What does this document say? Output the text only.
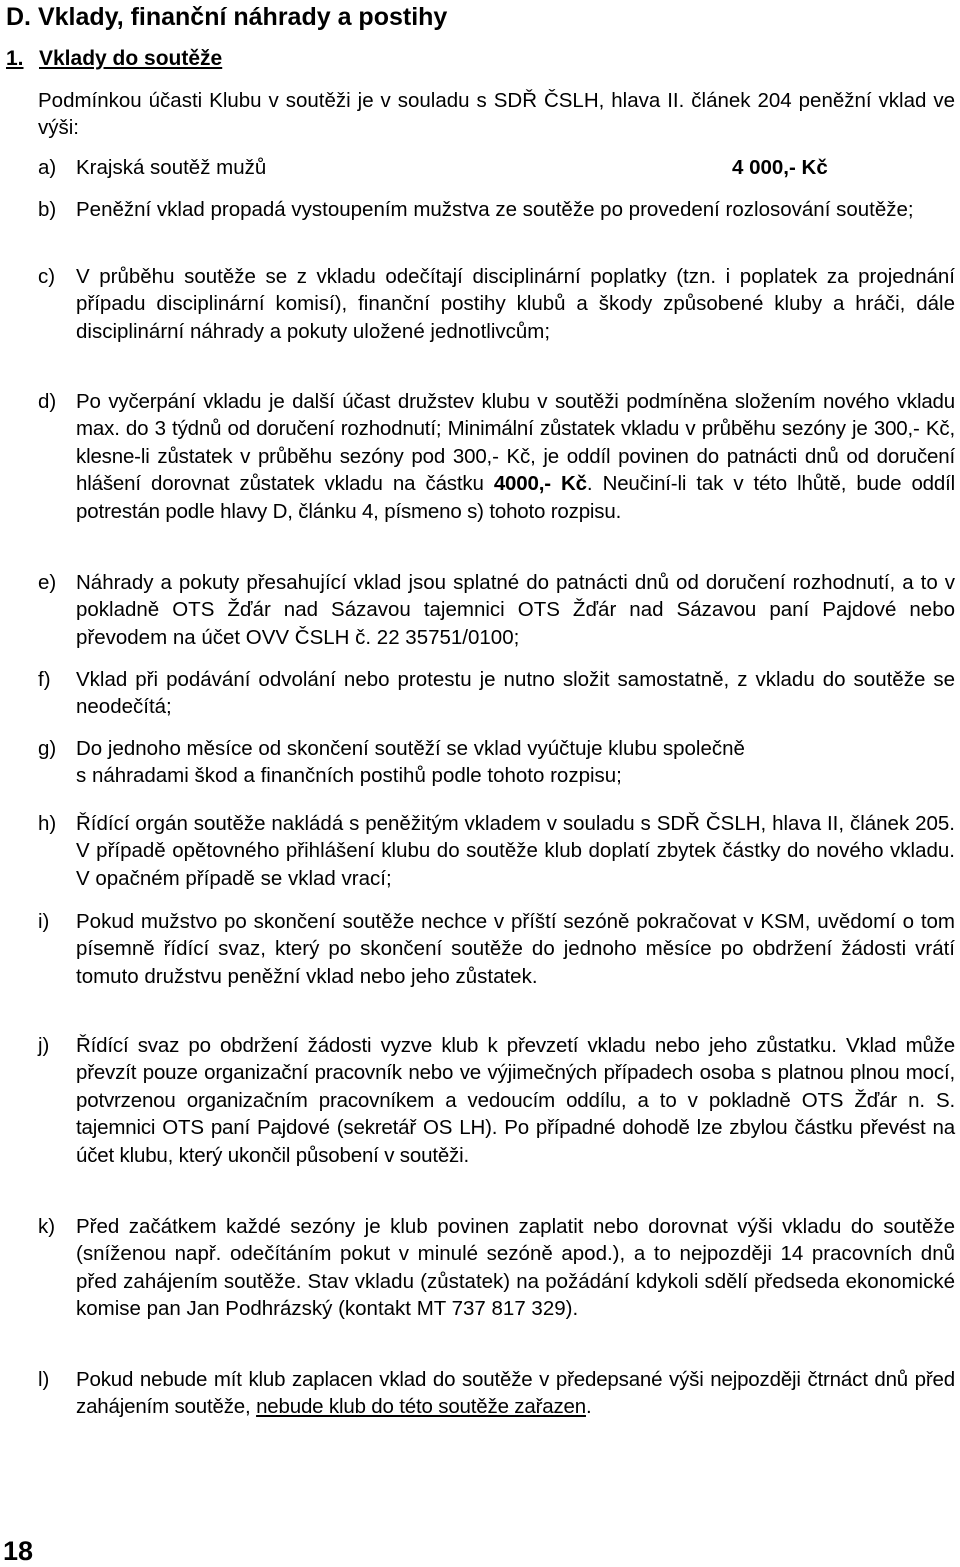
D. Vklady, finanční náhrady a postihy
1. Vklady do soutěže
Podmínkou účasti Klubu v soutěži je v souladu s SDŘ ČSLH, hlava II. článek 204 peněžní vklad ve výši:
a) Krajská soutěž mužů	4 000,- Kč
b) Peněžní vklad propadá vystoupením mužstva ze soutěže po provedení rozlosování soutěže;
c) V průběhu soutěže se z vkladu odečítají disciplinární poplatky (tzn. i poplatek za projednání případu disciplinární komisí), finanční postihy klubů a škody způsobené kluby a hráči, dále disciplinární náhrady a pokuty uložené jednotlivcům;
d) Po vyčerpání vkladu je další účast družstev klubu v soutěži podmíněna složením nového vkladu max. do 3 týdnů od doručení rozhodnutí; Minimální zůstatek vkladu v průběhu sezóny je 300,- Kč, klesne-li zůstatek v průběhu sezóny pod 300,- Kč, je oddíl povinen do patnácti dnů od doručení hlášení dorovnat zůstatek vkladu na částku 4000,- Kč. Neučiní-li tak v této lhůtě, bude oddíl potrestán podle hlavy D, článku 4, písmeno s) tohoto rozpisu.
e) Náhrady a pokuty přesahující vklad jsou splatné do patnácti dnů od doručení rozhodnutí, a to v pokladně OTS Žďár nad Sázavou tajemnici OTS Žďár nad Sázavou paní Pajdové nebo převodem na účet OVV ČSLH č. 22 35751/0100;
f) Vklad při podávání odvolání nebo protestu je nutno složit samostatně, z vkladu do soutěže se neodečítá;
g) Do jednoho měsíce od skončení soutěží se vklad vyúčtuje klubu společně
s náhradami škod a finančních postihů podle tohoto rozpisu;
h) Řídící orgán soutěže nakládá s peněžitým vkladem v souladu s SDŘ ČSLH, hlava II, článek 205. V případě opětovného přihlášení klubu do soutěže klub doplatí zbytek částky do nového vkladu. V opačném případě se vklad vrací;
i) Pokud mužstvo po skončení soutěže nechce v příští sezóně pokračovat v KSM, uvědomí o tom písemně řídící svaz, který po skončení soutěže do jednoho měsíce po obdržení žádosti vrátí tomuto družstvu peněžní vklad nebo jeho zůstatek.
j) Řídící svaz po obdržení žádosti vyzve klub k převzetí vkladu nebo jeho zůstatku. Vklad může převzít pouze organizační pracovník nebo ve výjimečných případech osoba s platnou plnou mocí, potvrzenou organizačním pracovníkem a vedoucím oddílu, a to v pokladně OTS Žďár n. S. tajemnici OTS paní Pajdové (sekretář OS LH). Po případné dohodě lze zbylou částku převést na účet klubu, který ukončil působení v soutěži.
k) Před začátkem každé sezóny je klub povinen zaplatit nebo dorovnat výši vkladu do soutěže (sníženou např. odečítáním pokut v minulé sezóně apod.), a to nejpozději 14 pracovních dnů před zahájením soutěže. Stav vkladu (zůstatek) na požádání kdykoli sdělí předseda ekonomické komise pan Jan Podhrázský (kontakt MT 737 817 329).
l) Pokud nebude mít klub zaplacen vklad do soutěže v předepsané výši nejpozději čtrnáct dnů před zahájením soutěže, nebude klub do této soutěže zařazen.
18
